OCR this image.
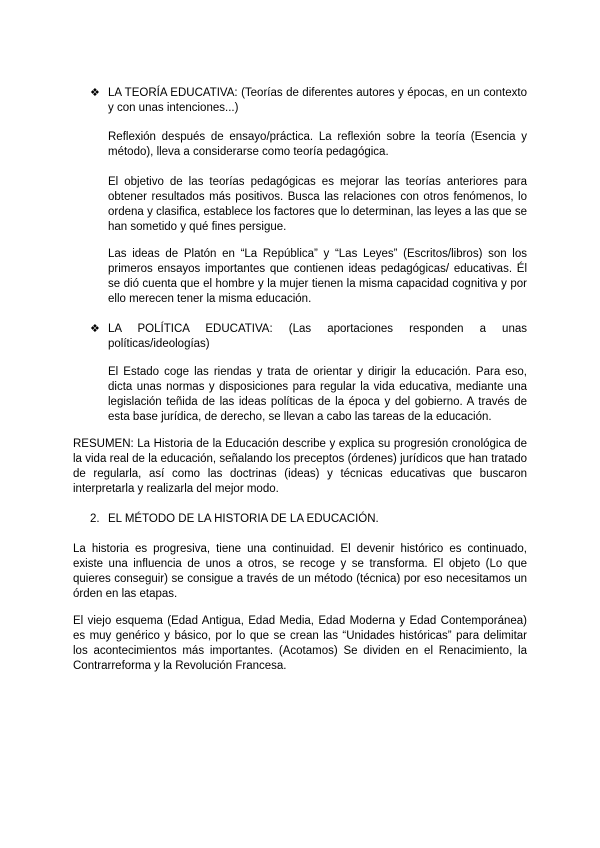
❖ LA TEORÍA EDUCATIVA: (Teorías de diferentes autores y épocas, en un contexto y con unas intenciones...)

Reflexión después de ensayo/práctica. La reflexión sobre la teoría (Esencia y método), lleva a considerarse como teoría pedagógica.

El objetivo de las teorías pedagógicas es mejorar las teorías anteriores para obtener resultados más positivos. Busca las relaciones con otros fenómenos, lo ordena y clasifica, establece los factores que lo determinan, las leyes a las que se han sometido y qué fines persigue.

Las ideas de Platón en “La República” y “Las Leyes” (Escritos/libros) son los primeros ensayos importantes que contienen ideas pedagógicas/ educativas. Él se dió cuenta que el hombre y la mujer tienen la misma capacidad cognitiva y por ello merecen tener la misma educación.

❖ LA POLÍTICA EDUCATIVA: (Las aportaciones responden a unas políticas/ideologías)

El Estado coge las riendas y trata de orientar y dirigir la educación. Para eso, dicta unas normas y disposiciones para regular la vida educativa, mediante una legislación teñida de las ideas políticas de la época y del gobierno. A través de esta base jurídica, de derecho, se llevan a cabo las tareas de la educación.

RESUMEN: La Historia de la Educación describe y explica su progresión cronológica de la vida real de la educación, señalando los preceptos (órdenes) jurídicos que han tratado de regularla, así como las doctrinas (ideas) y técnicas educativas que buscaron interpretarla y realizarla del mejor modo.

2. EL MÉTODO DE LA HISTORIA DE LA EDUCACIÓN.

La historia es progresiva, tiene una continuidad. El devenir histórico es continuado, existe una influencia de unos a otros, se recoge y se transforma. El objeto (Lo que quieres conseguir) se consigue a través de un método (técnica) por eso necesitamos un órden en las etapas.

El viejo esquema (Edad Antigua, Edad Media, Edad Moderna y Edad Contemporánea) es muy genérico y básico, por lo que se crean las “Unidades históricas” para delimitar los acontecimientos más importantes. (Acotamos) Se dividen en el Renacimiento, la Contrarreforma y la Revolución Francesa.
